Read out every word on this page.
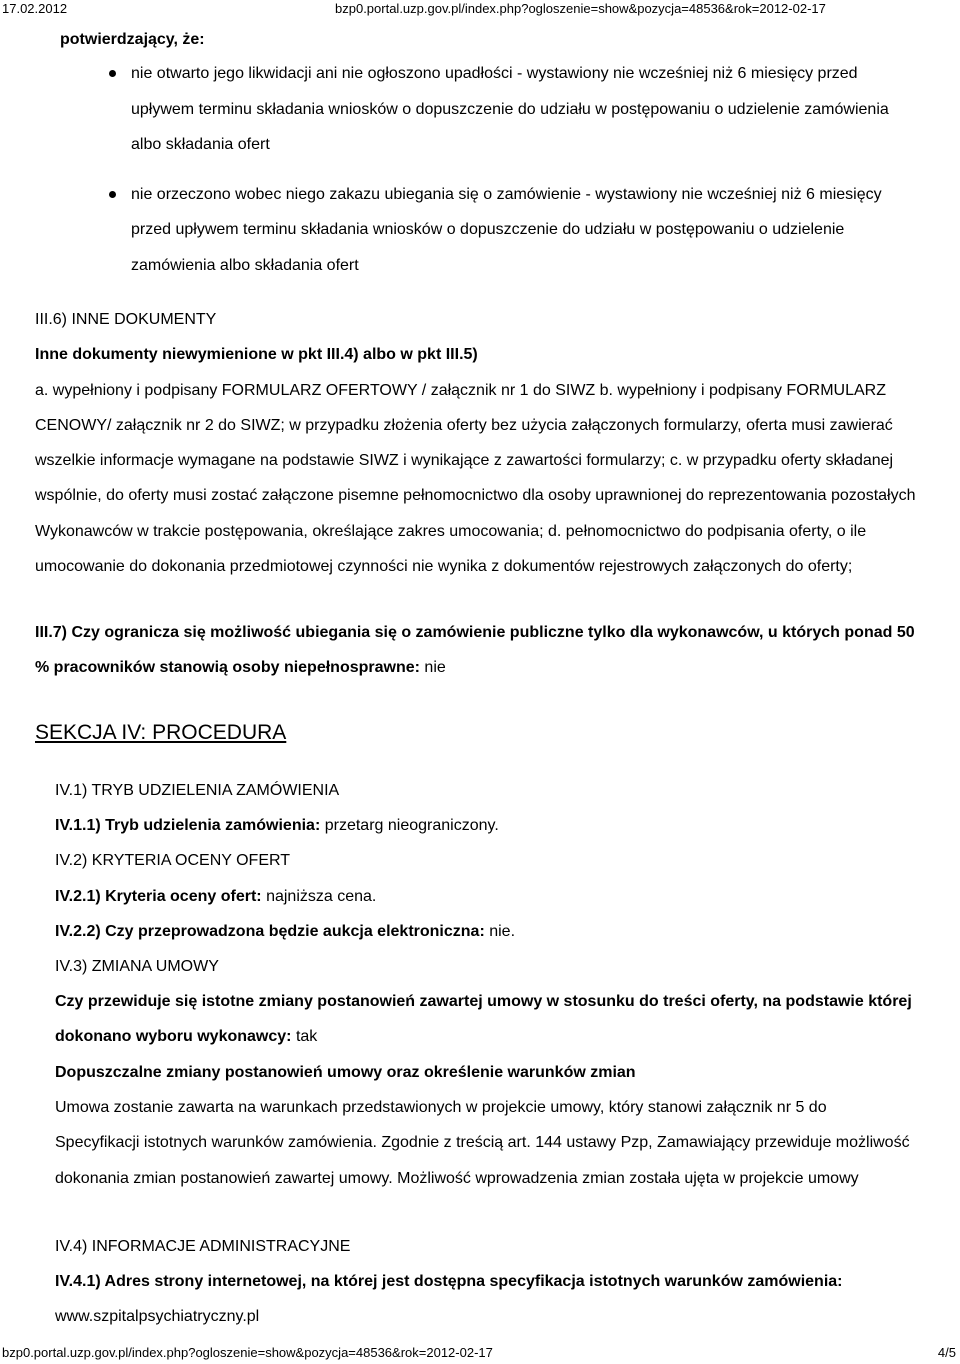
17.02.2012	bzp0.portal.uzp.gov.pl/index.php?ogloszenie=show&pozycja=48536&rok=2012-02-17
potwierdzający, że:
nie otwarto jego likwidacji ani nie ogłoszono upadłości - wystawiony nie wcześniej niż 6 miesięcy przed upływem terminu składania wniosków o dopuszczenie do udziału w postępowaniu o udzielenie zamówienia albo składania ofert
nie orzeczono wobec niego zakazu ubiegania się o zamówienie - wystawiony nie wcześniej niż 6 miesięcy przed upływem terminu składania wniosków o dopuszczenie do udziału w postępowaniu o udzielenie zamówienia albo składania ofert
III.6) INNE DOKUMENTY
Inne dokumenty niewymienione w pkt III.4) albo w pkt III.5)
a. wypełniony i podpisany FORMULARZ OFERTOWY / załącznik nr 1 do SIWZ b. wypełniony i podpisany FORMULARZ CENOWY/ załącznik nr 2 do SIWZ; w przypadku złożenia oferty bez użycia załączonych formularzy, oferta musi zawierać wszelkie informacje wymagane na podstawie SIWZ i wynikające z zawartości formularzy; c. w przypadku oferty składanej wspólnie, do oferty musi zostać załączone pisemne pełnomocnictwo dla osoby uprawnionej do reprezentowania pozostałych Wykonawców w trakcie postępowania, określające zakres umocowania; d. pełnomocnictwo do podpisania oferty, o ile umocowanie do dokonania przedmiotowej czynności nie wynika z dokumentów rejestrowych załączonych do oferty;
III.7) Czy ogranicza się możliwość ubiegania się o zamówienie publiczne tylko dla wykonawców, u których ponad 50 % pracowników stanowią osoby niepełnosprawne: nie
SEKCJA IV: PROCEDURA
IV.1) TRYB UDZIELENIA ZAMÓWIENIA
IV.1.1) Tryb udzielenia zamówienia: przetarg nieograniczony.
IV.2) KRYTERIA OCENY OFERT
IV.2.1) Kryteria oceny ofert: najniższa cena.
IV.2.2) Czy przeprowadzona będzie aukcja elektroniczna: nie.
IV.3) ZMIANA UMOWY
Czy przewiduje się istotne zmiany postanowień zawartej umowy w stosunku do treści oferty, na podstawie której dokonano wyboru wykonawcy: tak
Dopuszczalne zmiany postanowień umowy oraz określenie warunków zmian
Umowa zostanie zawarta na warunkach przedstawionych w projekcie umowy, który stanowi załącznik nr 5 do Specyfikacji istotnych warunków zamówienia. Zgodnie z treścią art. 144 ustawy Pzp, Zamawiający przewiduje możliwość dokonania zmian postanowień zawartej umowy. Możliwość wprowadzenia zmian została ujęta w projekcie umowy
IV.4) INFORMACJE ADMINISTRACYJNE
IV.4.1) Adres strony internetowej, na której jest dostępna specyfikacja istotnych warunków zamówienia: www.szpitalpsychiatryczny.pl
bzp0.portal.uzp.gov.pl/index.php?ogloszenie=show&pozycja=48536&rok=2012-02-17	4/5
